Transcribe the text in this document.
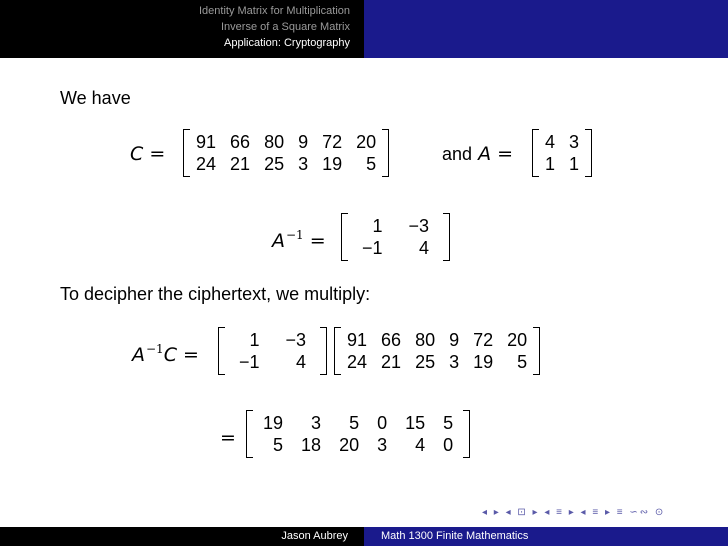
Identity Matrix for Multiplication
Inverse of a Square Matrix
Application: Cryptography
We have
C =
91 66 80 9 72 20
24 21 25 3 19	5	and A =
4 3
1 1
$A^{-1}$ =
1 −3
−1	4
To decipher the ciphertext, we multiply:
$A^{-1}C$ =
1 −3
−1	4
91 66 80 9 72 20
24 21 25 3 19	5
=
19	3	5 0 15 5
5 18 20 3	4 0
◂ ▸ ◂ ⊡ ▸ ◂ ≡ ▸ ◂ ≡ ▸ ≡ ∽∾ ⊙
Jason Aubrey	Math 1300 Finite Mathematics
